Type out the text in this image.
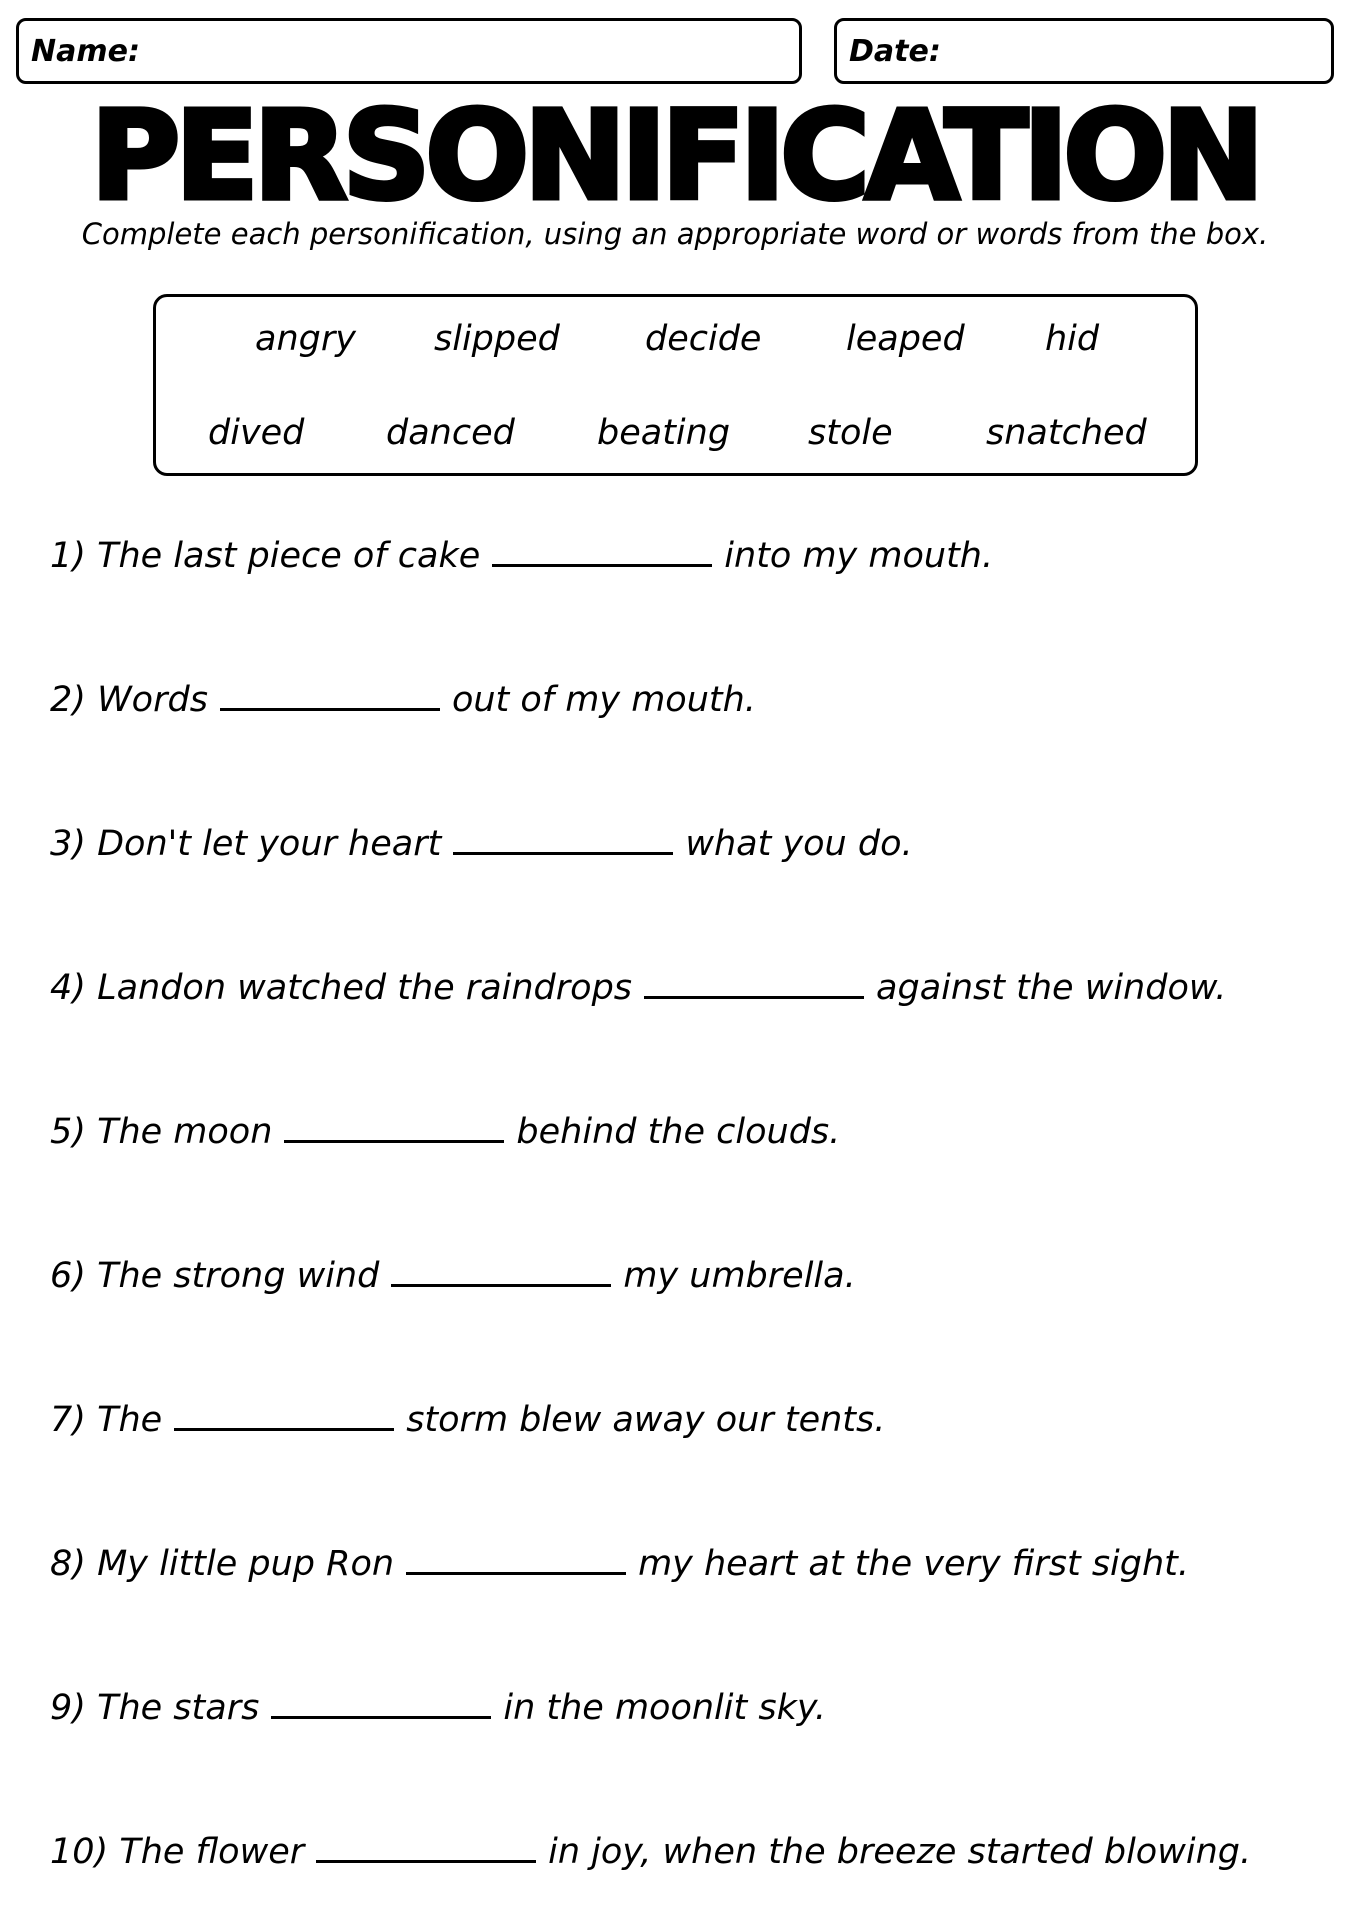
Name:	Date:
PERSONIFICATION
Complete each personification, using an appropriate word or words from the box.
angry slipped decide leaped hid
dived danced beating stole	snatched
1) The last piece of cake	into my mouth.
2) Words	out of my mouth.
3) Don't let your heart	what you do.
4) Landon watched the raindrops	against the window.
5) The moon	behind the clouds.
6) The strong wind	my umbrella.
7) The	storm blew away our tents.
8) My little pup Ron	my heart at the very first sight.
9) The stars	in the moonlit sky.
10) The flower	in joy, when the breeze started blowing.
